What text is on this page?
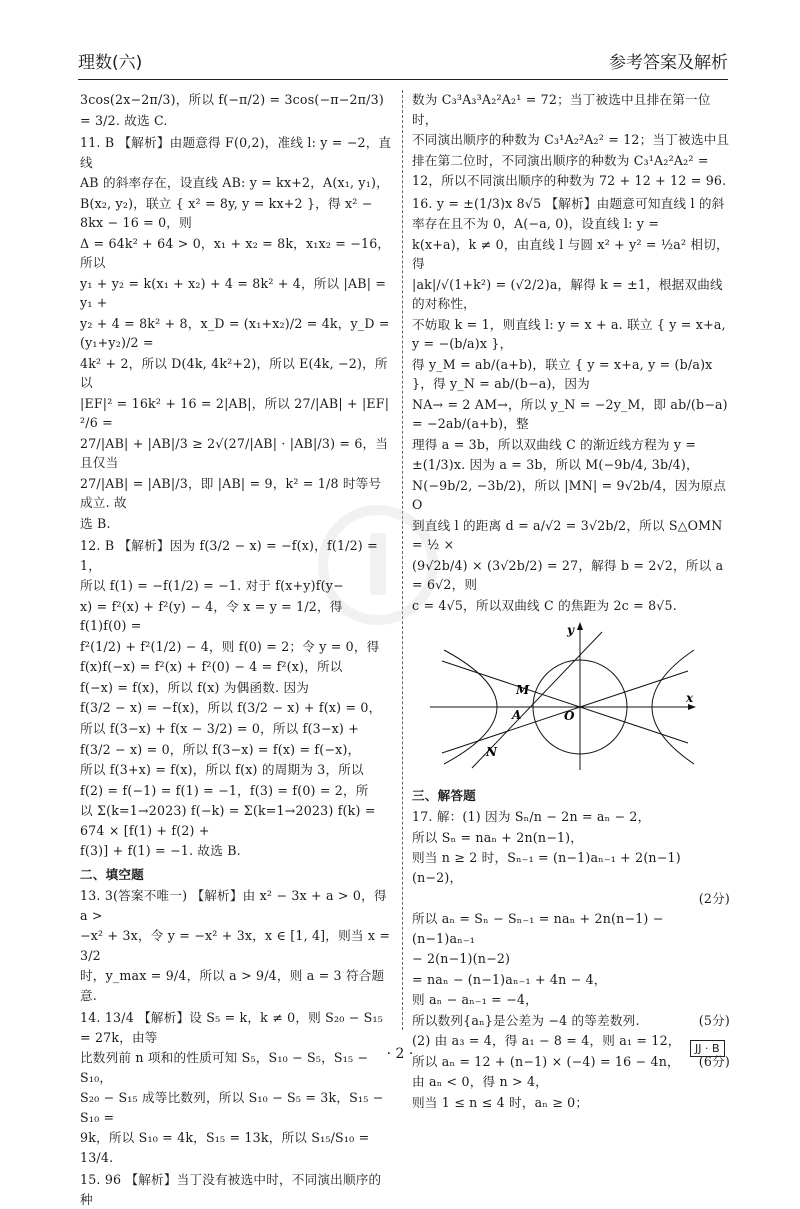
理数(六)	参考答案及解析

3cos(2x−2π/3)，所以 f(−π/2) = 3cos(−π−2π/3)

= 3/2. 故选 C.

11. B 【解析】由题意得 F(0,2)，准线 l: y = −2，直线

AB 的斜率存在，设直线 AB: y = kx+2，A(x₁, y₁)，

B(x₂, y₂)，联立 { x² = 8y, y = kx+2 }，得 x² − 8kx − 16 = 0，则

Δ = 64k² + 64 > 0，x₁ + x₂ = 8k，x₁x₂ = −16，所以

y₁ + y₂ = k(x₁ + x₂) + 4 = 8k² + 4，所以 |AB| = y₁ +

y₂ + 4 = 8k² + 8，x_D = (x₁+x₂)/2 = 4k，y_D = (y₁+y₂)/2 =

4k² + 2，所以 D(4k, 4k²+2)，所以 E(4k, −2)，所以

|EF|² = 16k² + 16 = 2|AB|，所以 27/|AB| + |EF|²/6 =

27/|AB| + |AB|/3 ≥ 2√(27/|AB| · |AB|/3) = 6，当且仅当

27/|AB| = |AB|/3，即 |AB| = 9，k² = 1/8 时等号成立. 故

选 B.

12. B 【解析】因为 f(3/2 − x) = −f(x)，f(1/2) = 1，

所以 f(1) = −f(1/2) = −1. 对于 f(x+y)f(y−

x) = f²(x) + f²(y) − 4，令 x = y = 1/2，得 f(1)f(0) =

f²(1/2) + f²(1/2) − 4，则 f(0) = 2；令 y = 0，得

f(x)f(−x) = f²(x) + f²(0) − 4 = f²(x)，所以

f(−x) = f(x)，所以 f(x) 为偶函数. 因为

f(3/2 − x) = −f(x)，所以 f(3/2 − x) + f(x) = 0，

所以 f(3−x) + f(x − 3/2) = 0，所以 f(3−x) +

f(3/2 − x) = 0，所以 f(3−x) = f(x) = f(−x)，

所以 f(3+x) = f(x)，所以 f(x) 的周期为 3，所以

f(2) = f(−1) = f(1) = −1，f(3) = f(0) = 2，所

以 Σ(k=1→2023) f(−k) = Σ(k=1→2023) f(k) = 674 × [f(1) + f(2) +

f(3)] + f(1) = −1. 故选 B.

二、填空题

13. 3(答案不唯一) 【解析】由 x² − 3x + a > 0，得 a >

−x² + 3x，令 y = −x² + 3x，x ∈ [1, 4]，则当 x = 3/2

时，y_max = 9/4，所以 a > 9/4，则 a = 3 符合题意.

14. 13/4 【解析】设 S₅ = k，k ≠ 0，则 S₂₀ − S₁₅ = 27k，由等

比数列前 n 项和的性质可知 S₅，S₁₀ − S₅，S₁₅ − S₁₀，

S₂₀ − S₁₅ 成等比数列，所以 S₁₀ − S₅ = 3k，S₁₅ − S₁₀ =

9k，所以 S₁₀ = 4k，S₁₅ = 13k，所以 S₁₅/S₁₀ = 13/4.

15. 96 【解析】当丁没有被选中时，不同演出顺序的种

数为 C₃³A₃³A₂²A₂¹ = 72；当丁被选中且排在第一位时，

不同演出顺序的种数为 C₃¹A₂²A₂² = 12；当丁被选中且

排在第二位时，不同演出顺序的种数为 C₃¹A₂²A₂² =

12，所以不同演出顺序的种数为 72 + 12 + 12 = 96.

16. y = ±(1/3)x 8√5 【解析】由题意可知直线 l 的斜

率存在且不为 0，A(−a, 0)，设直线 l: y =

k(x+a)，k ≠ 0，由直线 l 与圆 x² + y² = ½a² 相切，得

|ak|/√(1+k²) = (√2/2)a，解得 k = ±1，根据双曲线的对称性，

不妨取 k = 1，则直线 l: y = x + a. 联立 { y = x+a, y = −(b/a)x }，

得 y_M = ab/(a+b)，联立 { y = x+a, y = (b/a)x }，得 y_N = ab/(b−a)，因为

NA→ = 2 AM→，所以 y_N = −2y_M，即 ab/(b−a) = −2ab/(a+b)，整

理得 a = 3b，所以双曲线 C 的渐近线方程为 y =

±(1/3)x. 因为 a = 3b，所以 M(−9b/4, 3b/4)，

N(−9b/2, −3b/2)，所以 |MN| = 9√2b/4，因为原点 O

到直线 l 的距离 d = a/√2 = 3√2b/2，所以 S△OMN = ½ ×

(9√2b/4) × (3√2b/2) = 27，解得 b = 2√2，所以 a = 6√2，则

c = 4√5，所以双曲线 C 的焦距为 2c = 8√5.

x
y
O
M
A
N
三、解答题

17. 解：(1) 因为 Sₙ/n − 2n = aₙ − 2，

所以 Sₙ = naₙ + 2n(n−1)，

则当 n ≥ 2 时，Sₙ₋₁ = (n−1)aₙ₋₁ + 2(n−1)(n−2)，

(2分)

所以 aₙ = Sₙ − Sₙ₋₁ = naₙ + 2n(n−1) − (n−1)aₙ₋₁

− 2(n−1)(n−2)

= naₙ − (n−1)aₙ₋₁ + 4n − 4，

则 aₙ − aₙ₋₁ = −4，

所以数列{aₙ}是公差为 −4 的等差数列.	(5分)

(2) 由 a₃ = 4，得 a₁ − 8 = 4，则 a₁ = 12，

所以 aₙ = 12 + (n−1) × (−4) = 16 − 4n， (6分)

由 aₙ < 0，得 n > 4，

则当 1 ≤ n ≤ 4 时，aₙ ≥ 0；

· 2 ·	JJ · B
